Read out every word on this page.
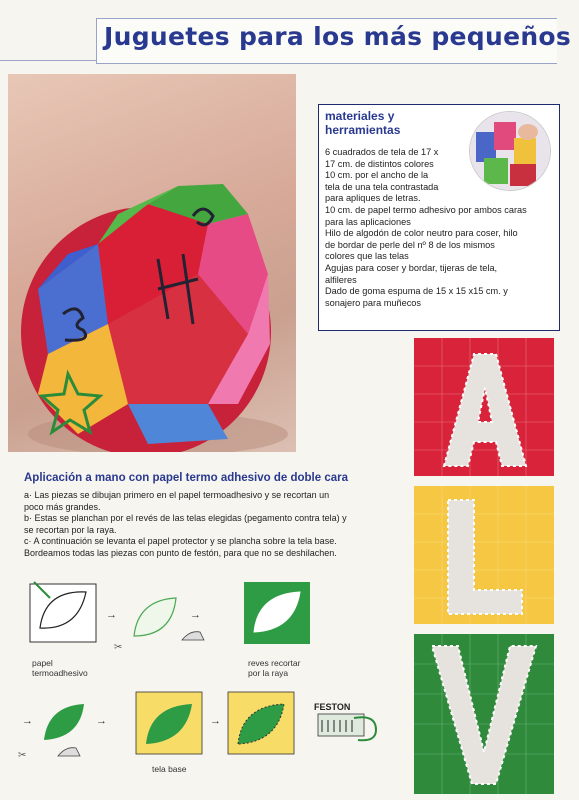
Juguetes para los más pequeños
materiales y herramientas
6 cuadrados de tela de 17 x
17 cm. de distintos colores
10 cm. por el ancho de la
tela de una tela contrastada
para apliques de letras.
10 cm. de papel termo adhesivo por ambos caras
para las aplicaciones
Hilo de algodón de color neutro para coser, hilo
de bordar de perle del nº 8 de los mismos
colores que las telas
Agujas para coser y bordar, tijeras de tela,
alfileres
Dado de goma espuma de 15 x 15 x15 cm. y
sonajero para muñecos
Aplicación a mano con papel termo adhesivo de doble cara
a· Las piezas se dibujan primero en el papel termoadhesivo y se recortan un
poco más grandes.
b· Estas se planchan por el revés de las telas elegidas (pegamento contra tela) y
se recortan por la raya.
c· A continuación se levanta el papel protector y se plancha sobre la tela base.
Bordeamos todas las piezas con punto de festón, para que no se deshilachen.
→
✂
→
✂
→	→	→
papel
termoadhesivo
reves recortar
por la raya
tela base
FESTON
